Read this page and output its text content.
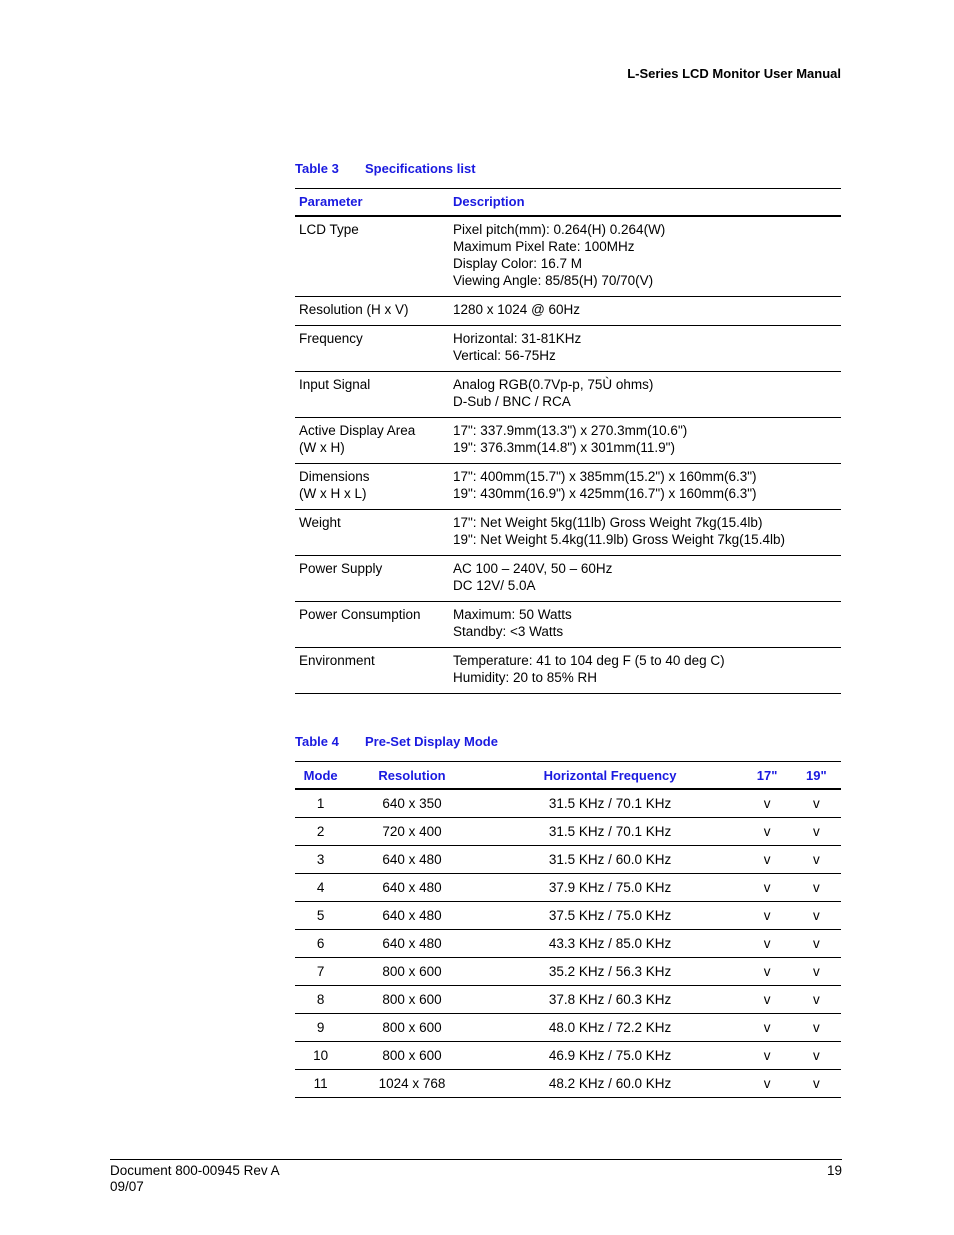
L-Series LCD Monitor User Manual
Table 3 Specifications list
Parameter	Description

LCD Type	Pixel pitch(mm): 0.264(H) 0.264(W)
Maximum Pixel Rate: 100MHz
Display Color: 16.7 M
Viewing Angle: 85/85(H) 70/70(V)

Resolution (H x V)	1280 x 1024 @ 60Hz

Frequency	Horizontal: 31-81KHz
Vertical: 56-75Hz

Input Signal	Analog RGB(0.7Vp-p, 75Ù ohms)
D-Sub / BNC / RCA

Active Display Area
(W x H)	17": 337.9mm(13.3") x 270.3mm(10.6")
19": 376.3mm(14.8") x 301mm(11.9")

Dimensions
(W x H x L)	17": 400mm(15.7") x 385mm(15.2") x 160mm(6.3")
19": 430mm(16.9") x 425mm(16.7") x 160mm(6.3")

Weight	17": Net Weight 5kg(11lb) Gross Weight 7kg(15.4lb)
19": Net Weight 5.4kg(11.9lb) Gross Weight 7kg(15.4lb)

Power Supply	AC 100 – 240V, 50 – 60Hz
DC 12V/ 5.0A

Power Consumption	Maximum: 50 Watts
Standby: <3 Watts

Environment	Temperature: 41 to 104 deg F (5 to 40 deg C)
Humidity: 20 to 85% RH
Table 4 Pre-Set Display Mode
Mode	Resolution	Horizontal Frequency	17"	19"
1	640 x 350	31.5 KHz / 70.1 KHz	v	v
2	720 x 400	31.5 KHz / 70.1 KHz	v	v
3	640 x 480	31.5 KHz / 60.0 KHz	v	v
4	640 x 480	37.9 KHz / 75.0 KHz	v	v
5	640 x 480	37.5 KHz / 75.0 KHz	v	v
6	640 x 480	43.3 KHz / 85.0 KHz	v	v
7	800 x 600	35.2 KHz / 56.3 KHz	v	v
8	800 x 600	37.8 KHz / 60.3 KHz	v	v
9	800 x 600	48.0 KHz / 72.2 KHz	v	v
10	800 x 600	46.9 KHz / 75.0 KHz	v	v
11	1024 x 768	48.2 KHz / 60.0 KHz	v	v
Document 800-00945 Rev A
09/07
19
